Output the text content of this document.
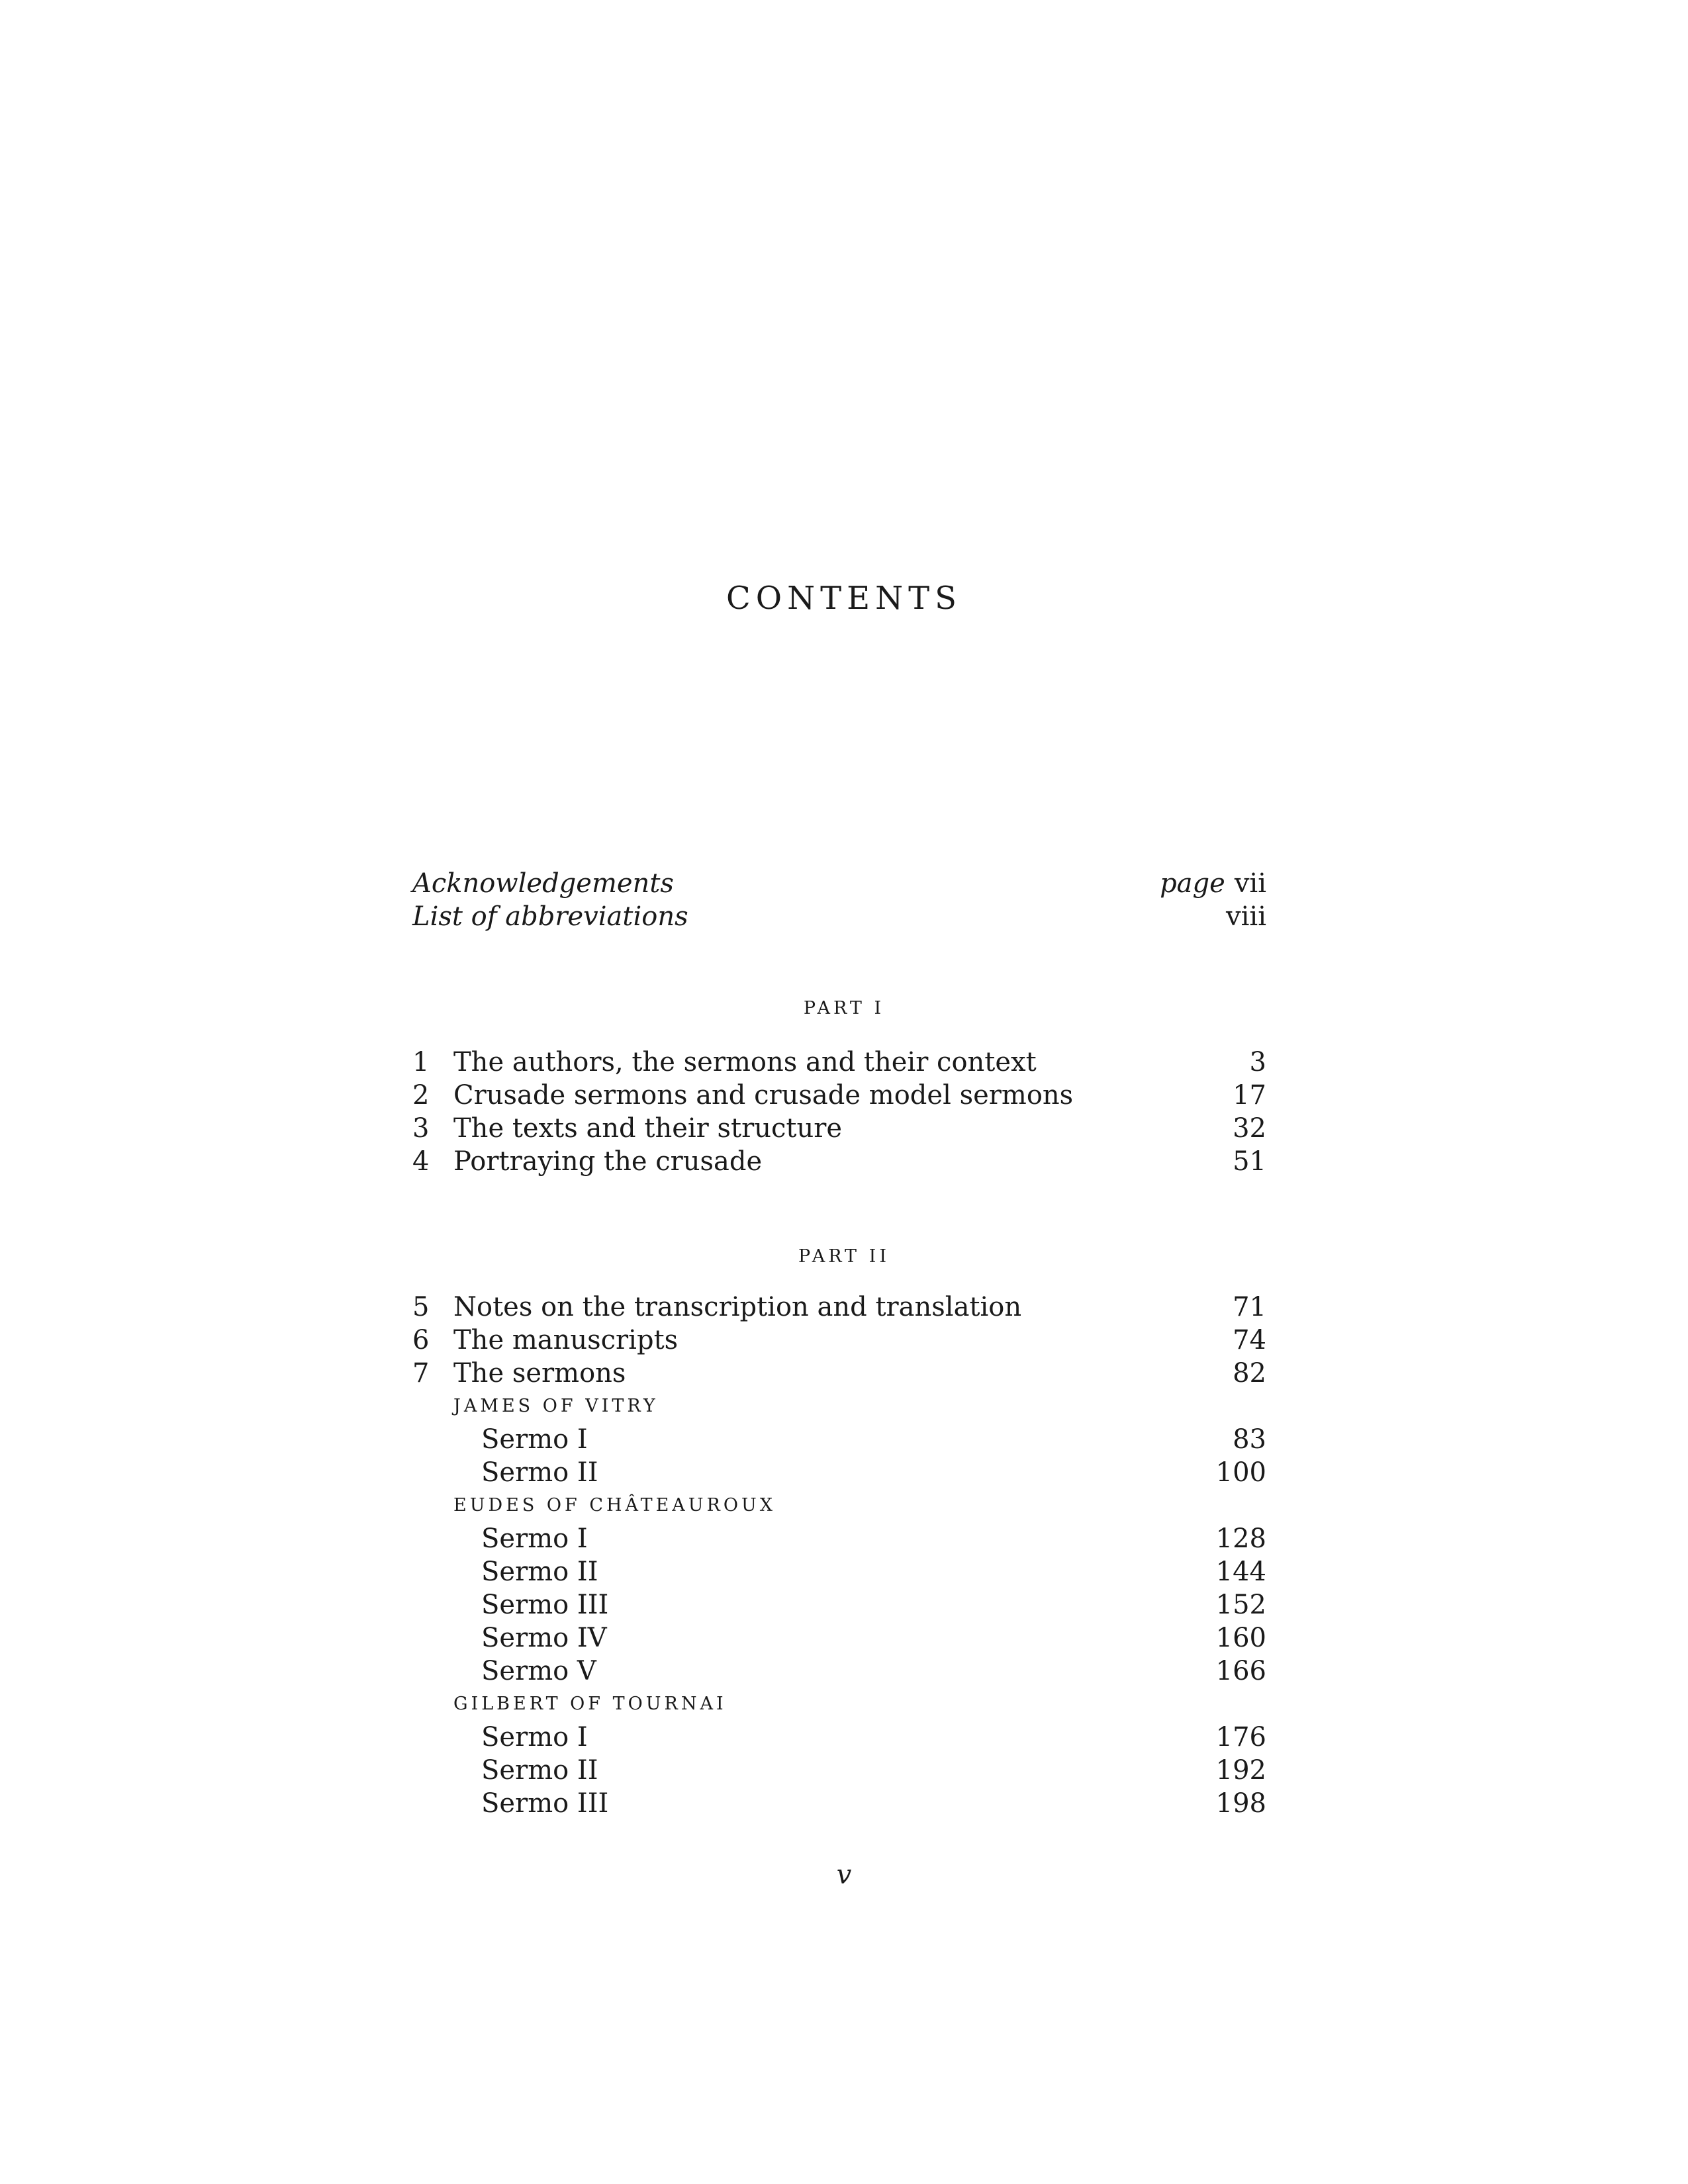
CONTENTS
Acknowledgements	page vii
List of abbreviations	viii
PART I
1 The authors, the sermons and their context	3
2 Crusade sermons and crusade model sermons	17
3 The texts and their structure	32
4 Portraying the crusade	51
PART II
5 Notes on the transcription and translation	71
6 The manuscripts	74
7 The sermons	82
JAMES OF VITRY
Sermo I	83
Sermo II	100
EUDES OF CHÂTEAUROUX
Sermo I	128
Sermo II	144
Sermo III	152
Sermo IV	160
Sermo V	166
GILBERT OF TOURNAI
Sermo I	176
Sermo II	192
Sermo III	198
v
